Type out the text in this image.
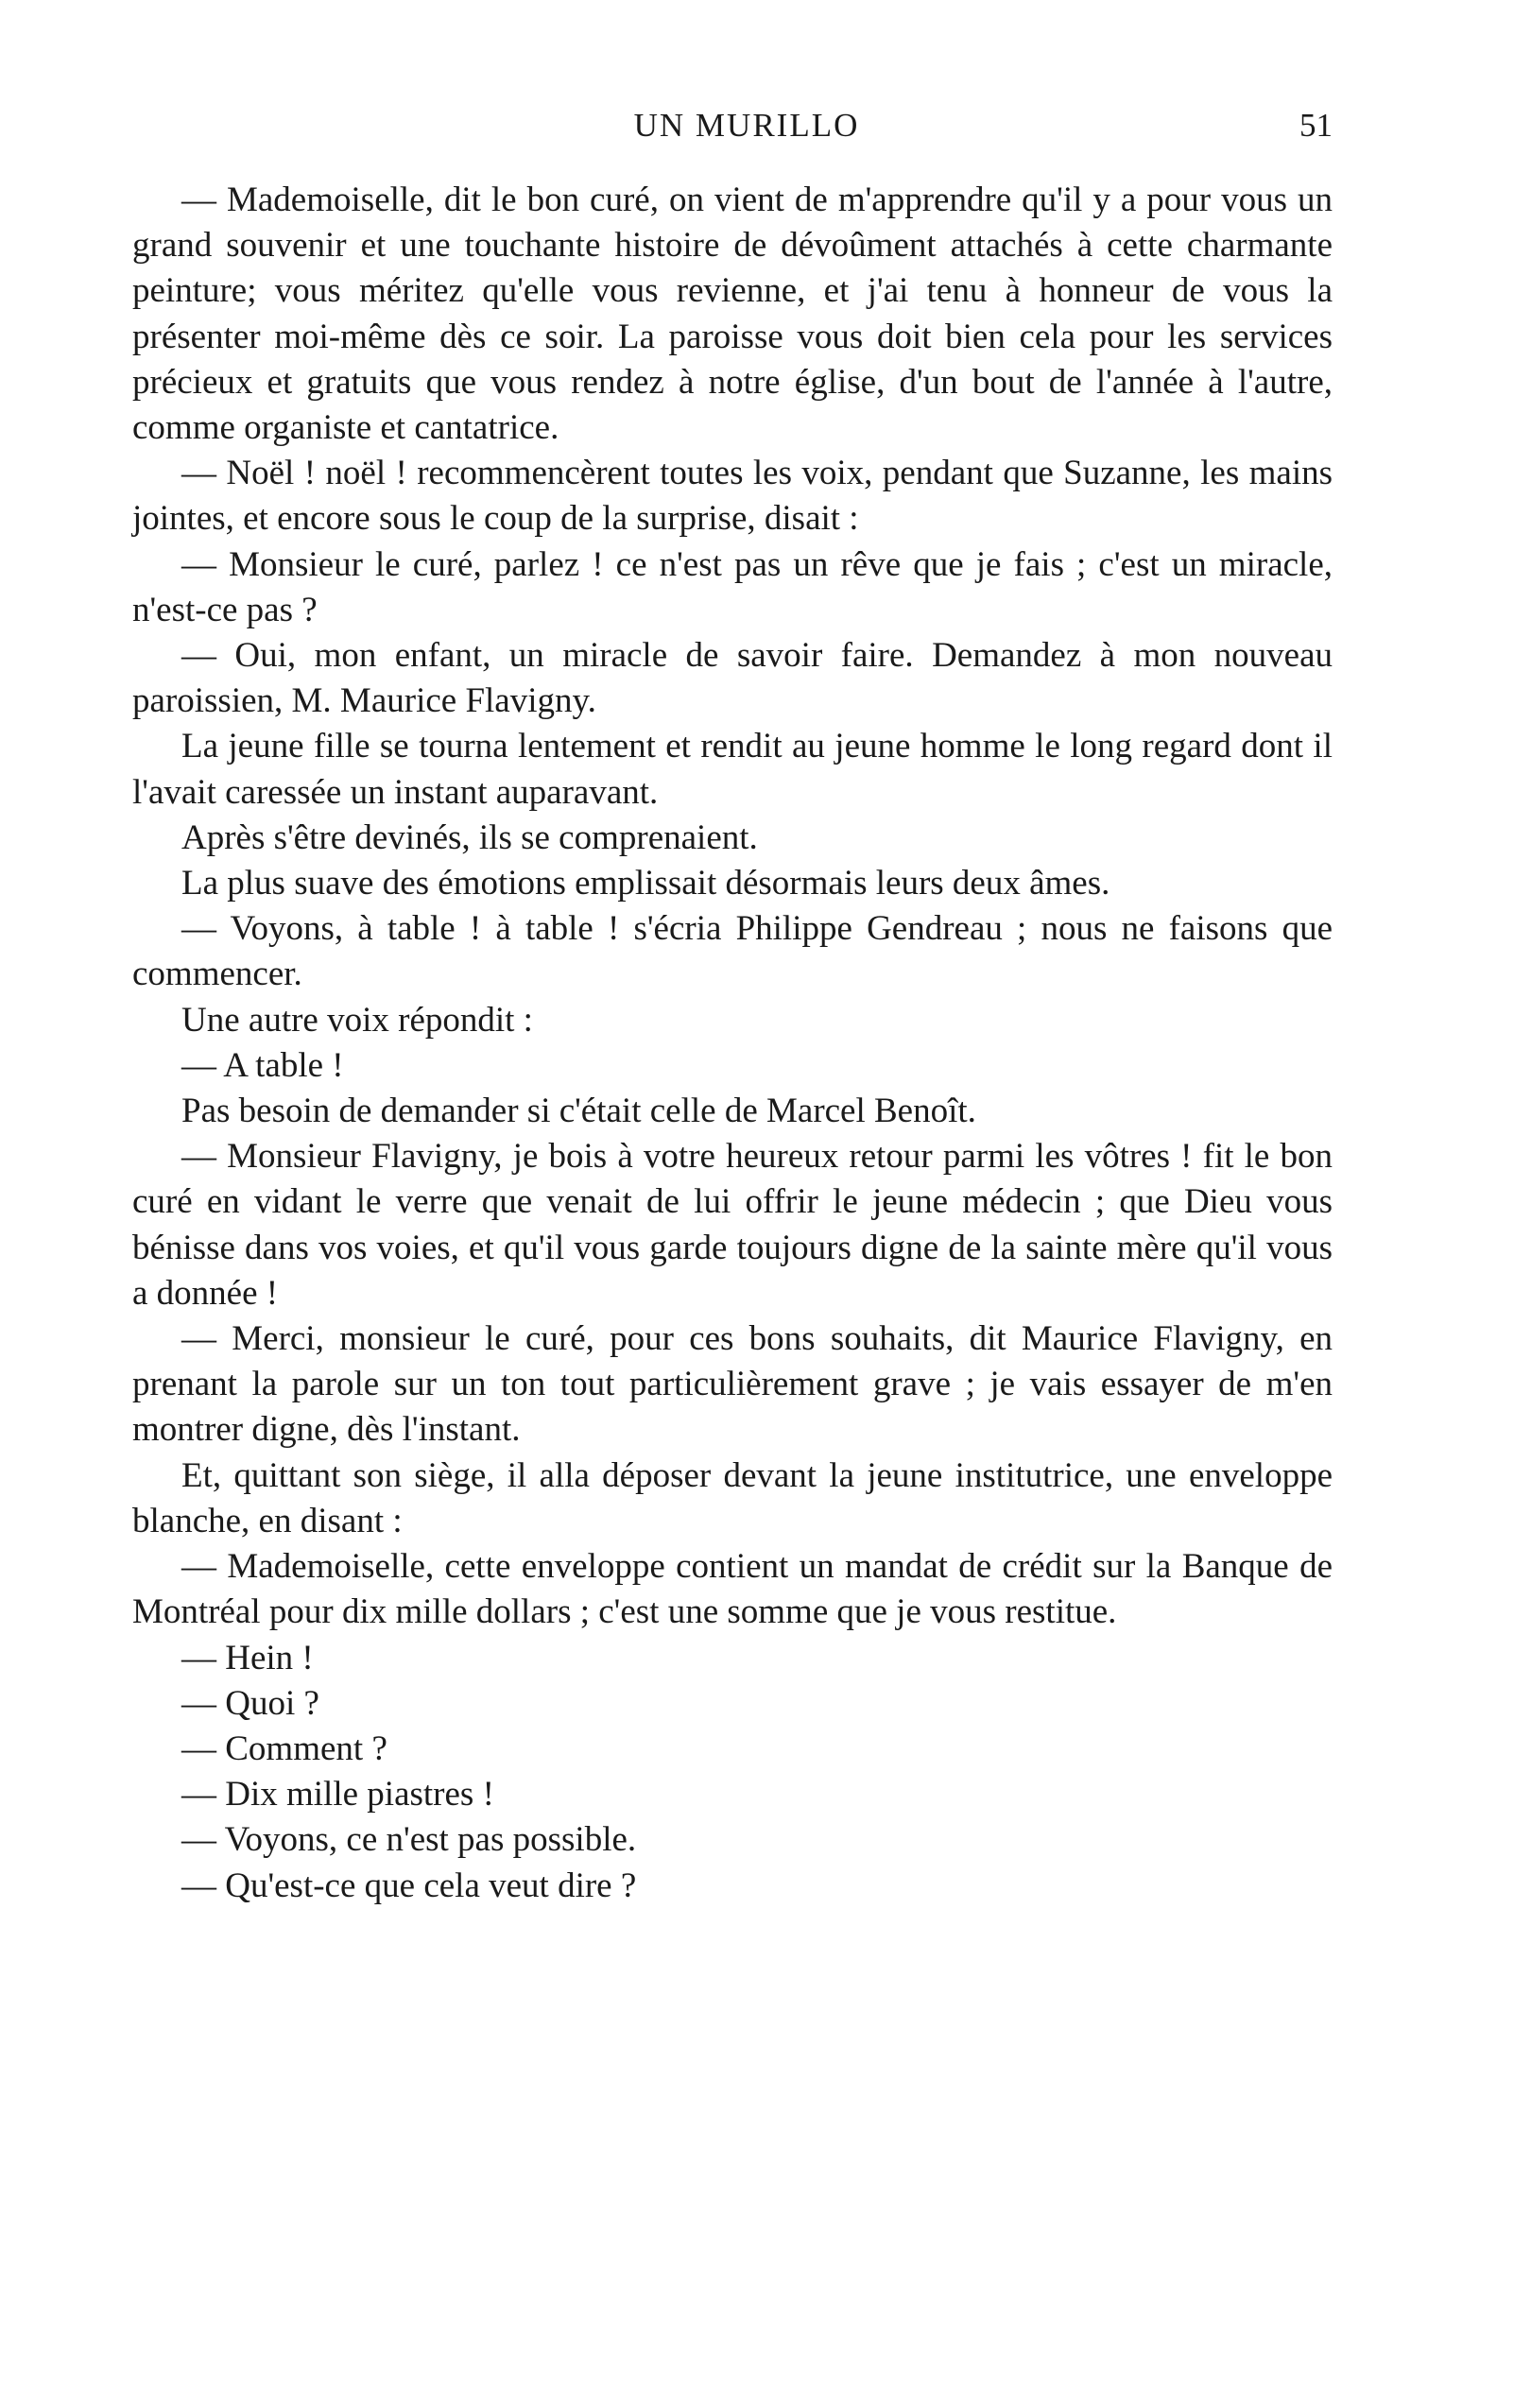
UN MURILLO	51

— Mademoiselle, dit le bon curé, on vient de m'apprendre qu'il y a pour vous un grand souvenir et une touchante histoire de dévoûment attachés à cette charmante peinture; vous méritez qu'elle vous revienne, et j'ai tenu à honneur de vous la présenter moi-même dès ce soir. La paroisse vous doit bien cela pour les services précieux et gratuits que vous rendez à notre église, d'un bout de l'année à l'autre, comme organiste et cantatrice.

— Noël ! noël ! recommencèrent toutes les voix, pendant que Suzanne, les mains jointes, et encore sous le coup de la surprise, disait :

— Monsieur le curé, parlez ! ce n'est pas un rêve que je fais ; c'est un miracle, n'est-ce pas ?

— Oui, mon enfant, un miracle de savoir faire. Demandez à mon nouveau paroissien, M. Maurice Flavigny.

La jeune fille se tourna lentement et rendit au jeune homme le long regard dont il l'avait caressée un instant auparavant.

Après s'être devinés, ils se comprenaient.

La plus suave des émotions emplissait désormais leurs deux âmes.

— Voyons, à table ! à table ! s'écria Philippe Gendreau ; nous ne faisons que commencer.

Une autre voix répondit :

— A table !

Pas besoin de demander si c'était celle de Marcel Benoît.

— Monsieur Flavigny, je bois à votre heureux retour parmi les vôtres ! fit le bon curé en vidant le verre que venait de lui offrir le jeune médecin ; que Dieu vous bénisse dans vos voies, et qu'il vous garde toujours digne de la sainte mère qu'il vous a donnée !

— Merci, monsieur le curé, pour ces bons souhaits, dit Maurice Flavigny, en prenant la parole sur un ton tout particulièrement grave ; je vais essayer de m'en montrer digne, dès l'instant.

Et, quittant son siège, il alla déposer devant la jeune institutrice, une enveloppe blanche, en disant :

— Mademoiselle, cette enveloppe contient un mandat de crédit sur la Banque de Montréal pour dix mille dollars ; c'est une somme que je vous restitue.

— Hein !

— Quoi ?

— Comment ?

— Dix mille piastres !

— Voyons, ce n'est pas possible.

— Qu'est-ce que cela veut dire ?
